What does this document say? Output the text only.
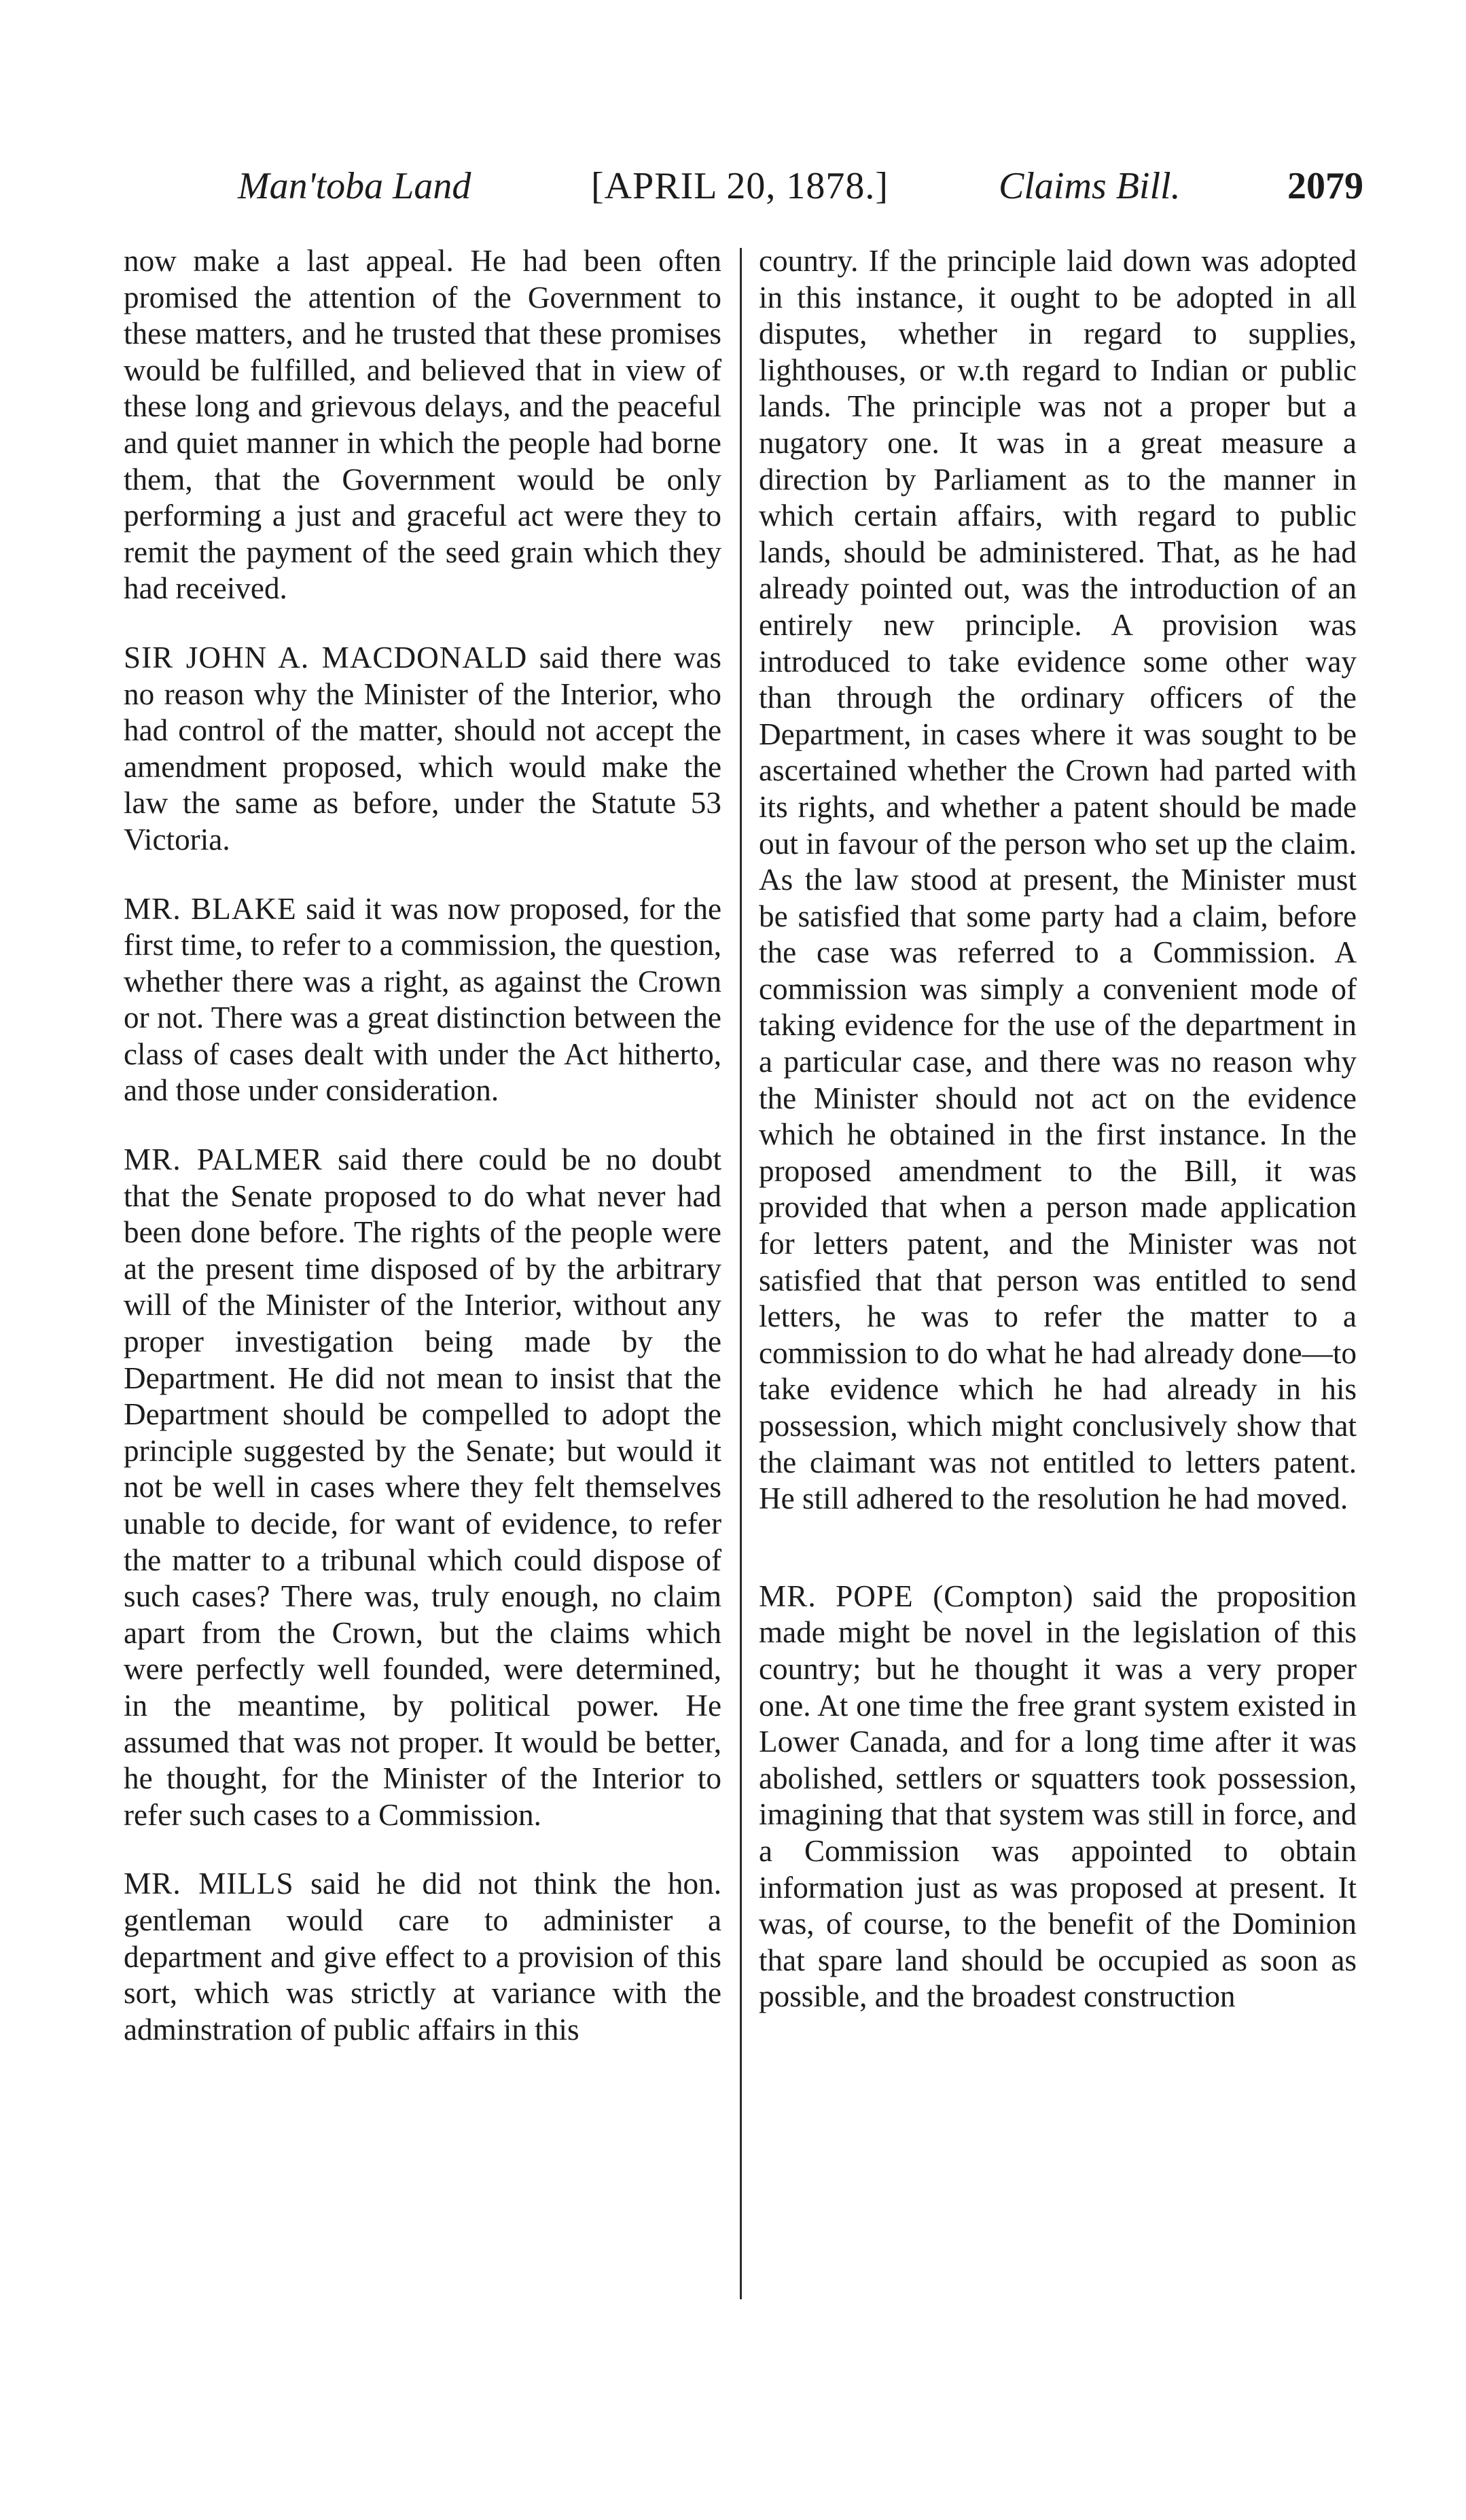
Man'toba Land	[APRIL 20, 1878.]	Claims Bill.	2079

now make a last appeal. He had been often promised the attention of the Government to these matters, and he trusted that these promises would be fulfilled, and believed that in view of these long and grievous delays, and the peaceful and quiet manner in which the people had borne them, that the Government would be only performing a just and graceful act were they to remit the payment of the seed grain which they had received.

SIR JOHN A. MACDONALD said there was no reason why the Minister of the Interior, who had control of the matter, should not accept the amendment proposed, which would make the law the same as before, under the Statute 53 Victoria.

MR. BLAKE said it was now proposed, for the first time, to refer to a commission, the question, whether there was a right, as against the Crown or not. There was a great distinction between the class of cases dealt with under the Act hitherto, and those under consideration.

MR. PALMER said there could be no doubt that the Senate proposed to do what never had been done before. The rights of the people were at the present time disposed of by the arbitrary will of the Minister of the Interior, without any proper investigation being made by the Department. He did not mean to insist that the Department should be compelled to adopt the principle suggested by the Senate; but would it not be well in cases where they felt themselves unable to decide, for want of evidence, to refer the matter to a tribunal which could dispose of such cases? There was, truly enough, no claim apart from the Crown, but the claims which were perfectly well founded, were determined, in the meantime, by political power. He assumed that was not proper. It would be better, he thought, for the Minister of the Interior to refer such cases to a Commission.

MR. MILLS said he did not think the hon. gentleman would care to administer a department and give effect to a provision of this sort, which was strictly at variance with the adminstration of public affairs in this

country. If the principle laid down was adopted in this instance, it ought to be adopted in all disputes, whether in regard to supplies, lighthouses, or w.th regard to Indian or public lands. The principle was not a proper but a nugatory one. It was in a great measure a direction by Parliament as to the manner in which certain affairs, with regard to public lands, should be administered. That, as he had already pointed out, was the introduction of an entirely new principle. A provision was introduced to take evidence some other way than through the ordinary officers of the Department, in cases where it was sought to be ascertained whether the Crown had parted with its rights, and whether a patent should be made out in favour of the person who set up the claim. As the law stood at present, the Minister must be satisfied that some party had a claim, before the case was referred to a Commission. A commission was simply a convenient mode of taking evidence for the use of the department in a particular case, and there was no reason why the Minister should not act on the evidence which he obtained in the first instance. In the proposed amendment to the Bill, it was provided that when a person made application for letters patent, and the Minister was not satisfied that that person was entitled to send letters, he was to refer the matter to a commission to do what he had already done—to take evidence which he had already in his possession, which might conclusively show that the claimant was not entitled to letters patent. He still adhered to the resolution he had moved.

MR. POPE (Compton) said the proposition made might be novel in the legislation of this country; but he thought it was a very proper one. At one time the free grant system existed in Lower Canada, and for a long time after it was abolished, settlers or squatters took possession, imagining that that system was still in force, and a Commission was appointed to obtain information just as was proposed at present. It was, of course, to the benefit of the Dominion that spare land should be occupied as soon as possible, and the broadest construction
